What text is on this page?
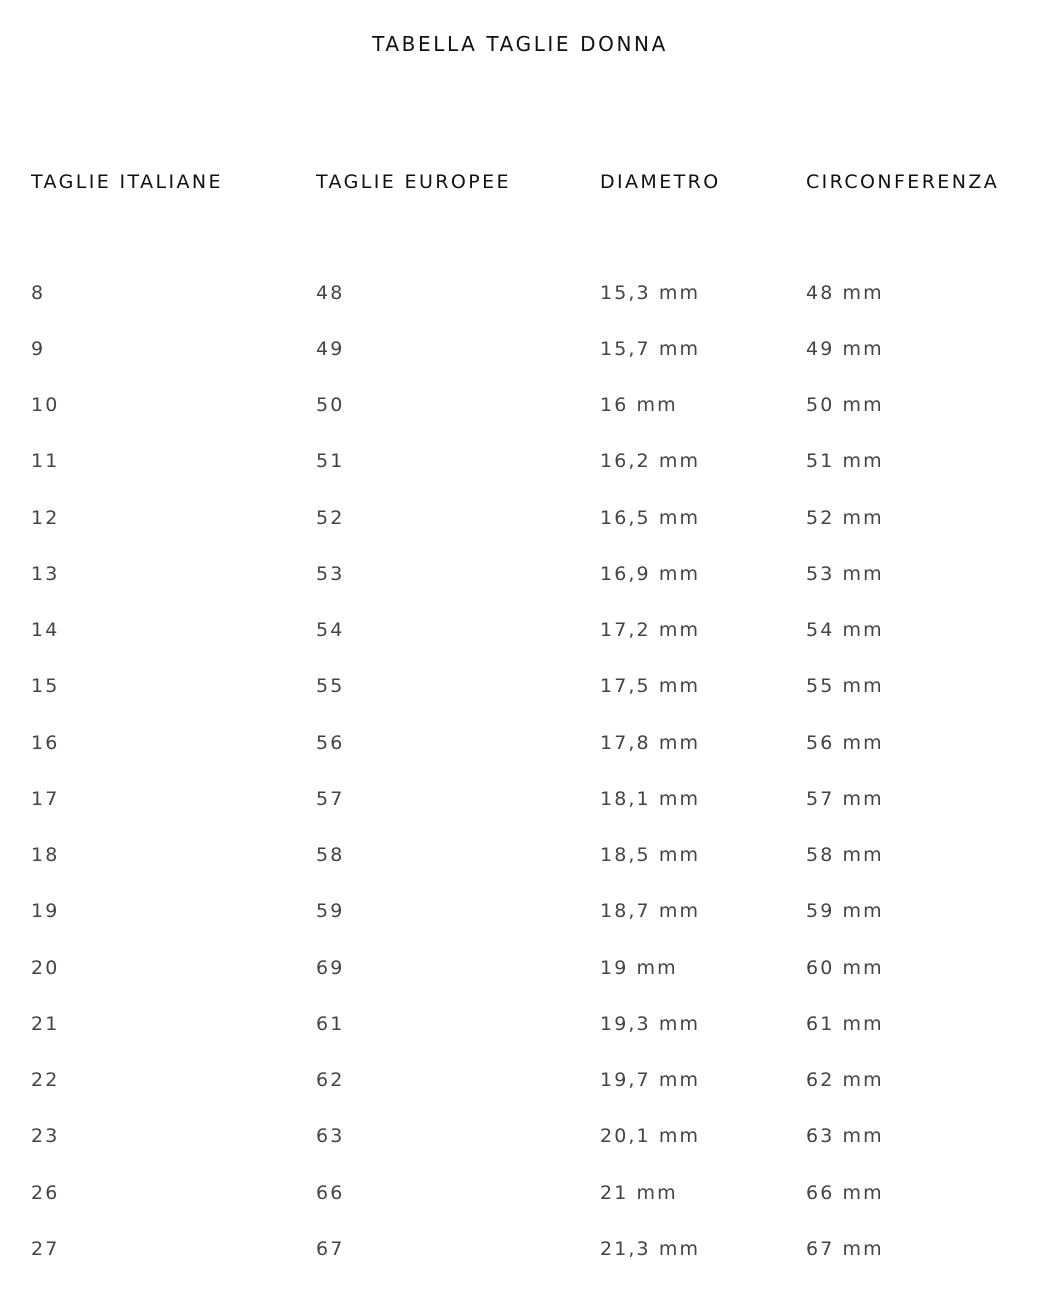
TABELLA TAGLIE DONNA
TAGLIE ITALIANE	TAGLIE EUROPEE	DIAMETRO	CIRCONFERENZA
8	48	15,3 mm	48 mm
9	49	15,7 mm	49 mm
10	50	16 mm	50 mm
11	51	16,2 mm	51 mm
12	52	16,5 mm	52 mm
13	53	16,9 mm	53 mm
14	54	17,2 mm	54 mm
15	55	17,5 mm	55 mm
16	56	17,8 mm	56 mm
17	57	18,1 mm	57 mm
18	58	18,5 mm	58 mm
19	59	18,7 mm	59 mm
20	69	19 mm	60 mm
21	61	19,3 mm	61 mm
22	62	19,7 mm	62 mm
23	63	20,1 mm	63 mm
26	66	21 mm	66 mm
27	67	21,3 mm	67 mm
